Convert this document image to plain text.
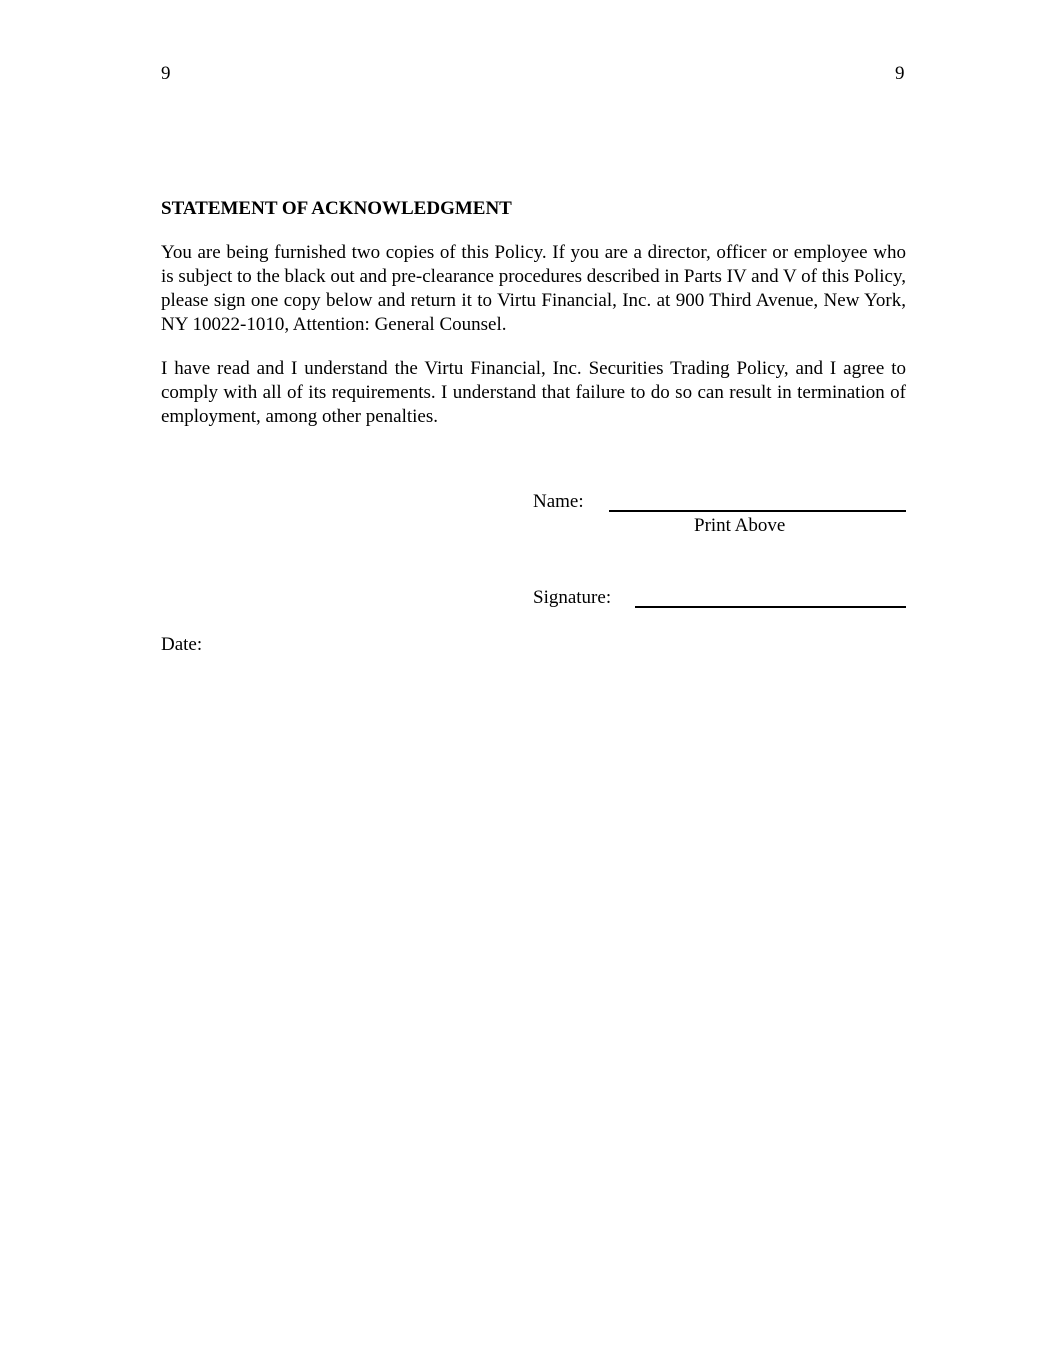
9	9
STATEMENT OF ACKNOWLEDGMENT

You are being furnished two copies of this Policy. If you are a director, officer or employee who is subject to the black out and pre-clearance procedures described in Parts IV and V of this Policy, please sign one copy below and return it to Virtu Financial, Inc. at 900 Third Avenue, New York, NY 10022-1010, Attention: General Counsel.

I have read and I understand the Virtu Financial, Inc. Securities Trading Policy, and I agree to comply with all of its requirements. I understand that failure to do so can result in termination of employment, among other penalties.

Name:
Print Above
Signature:
Date:
